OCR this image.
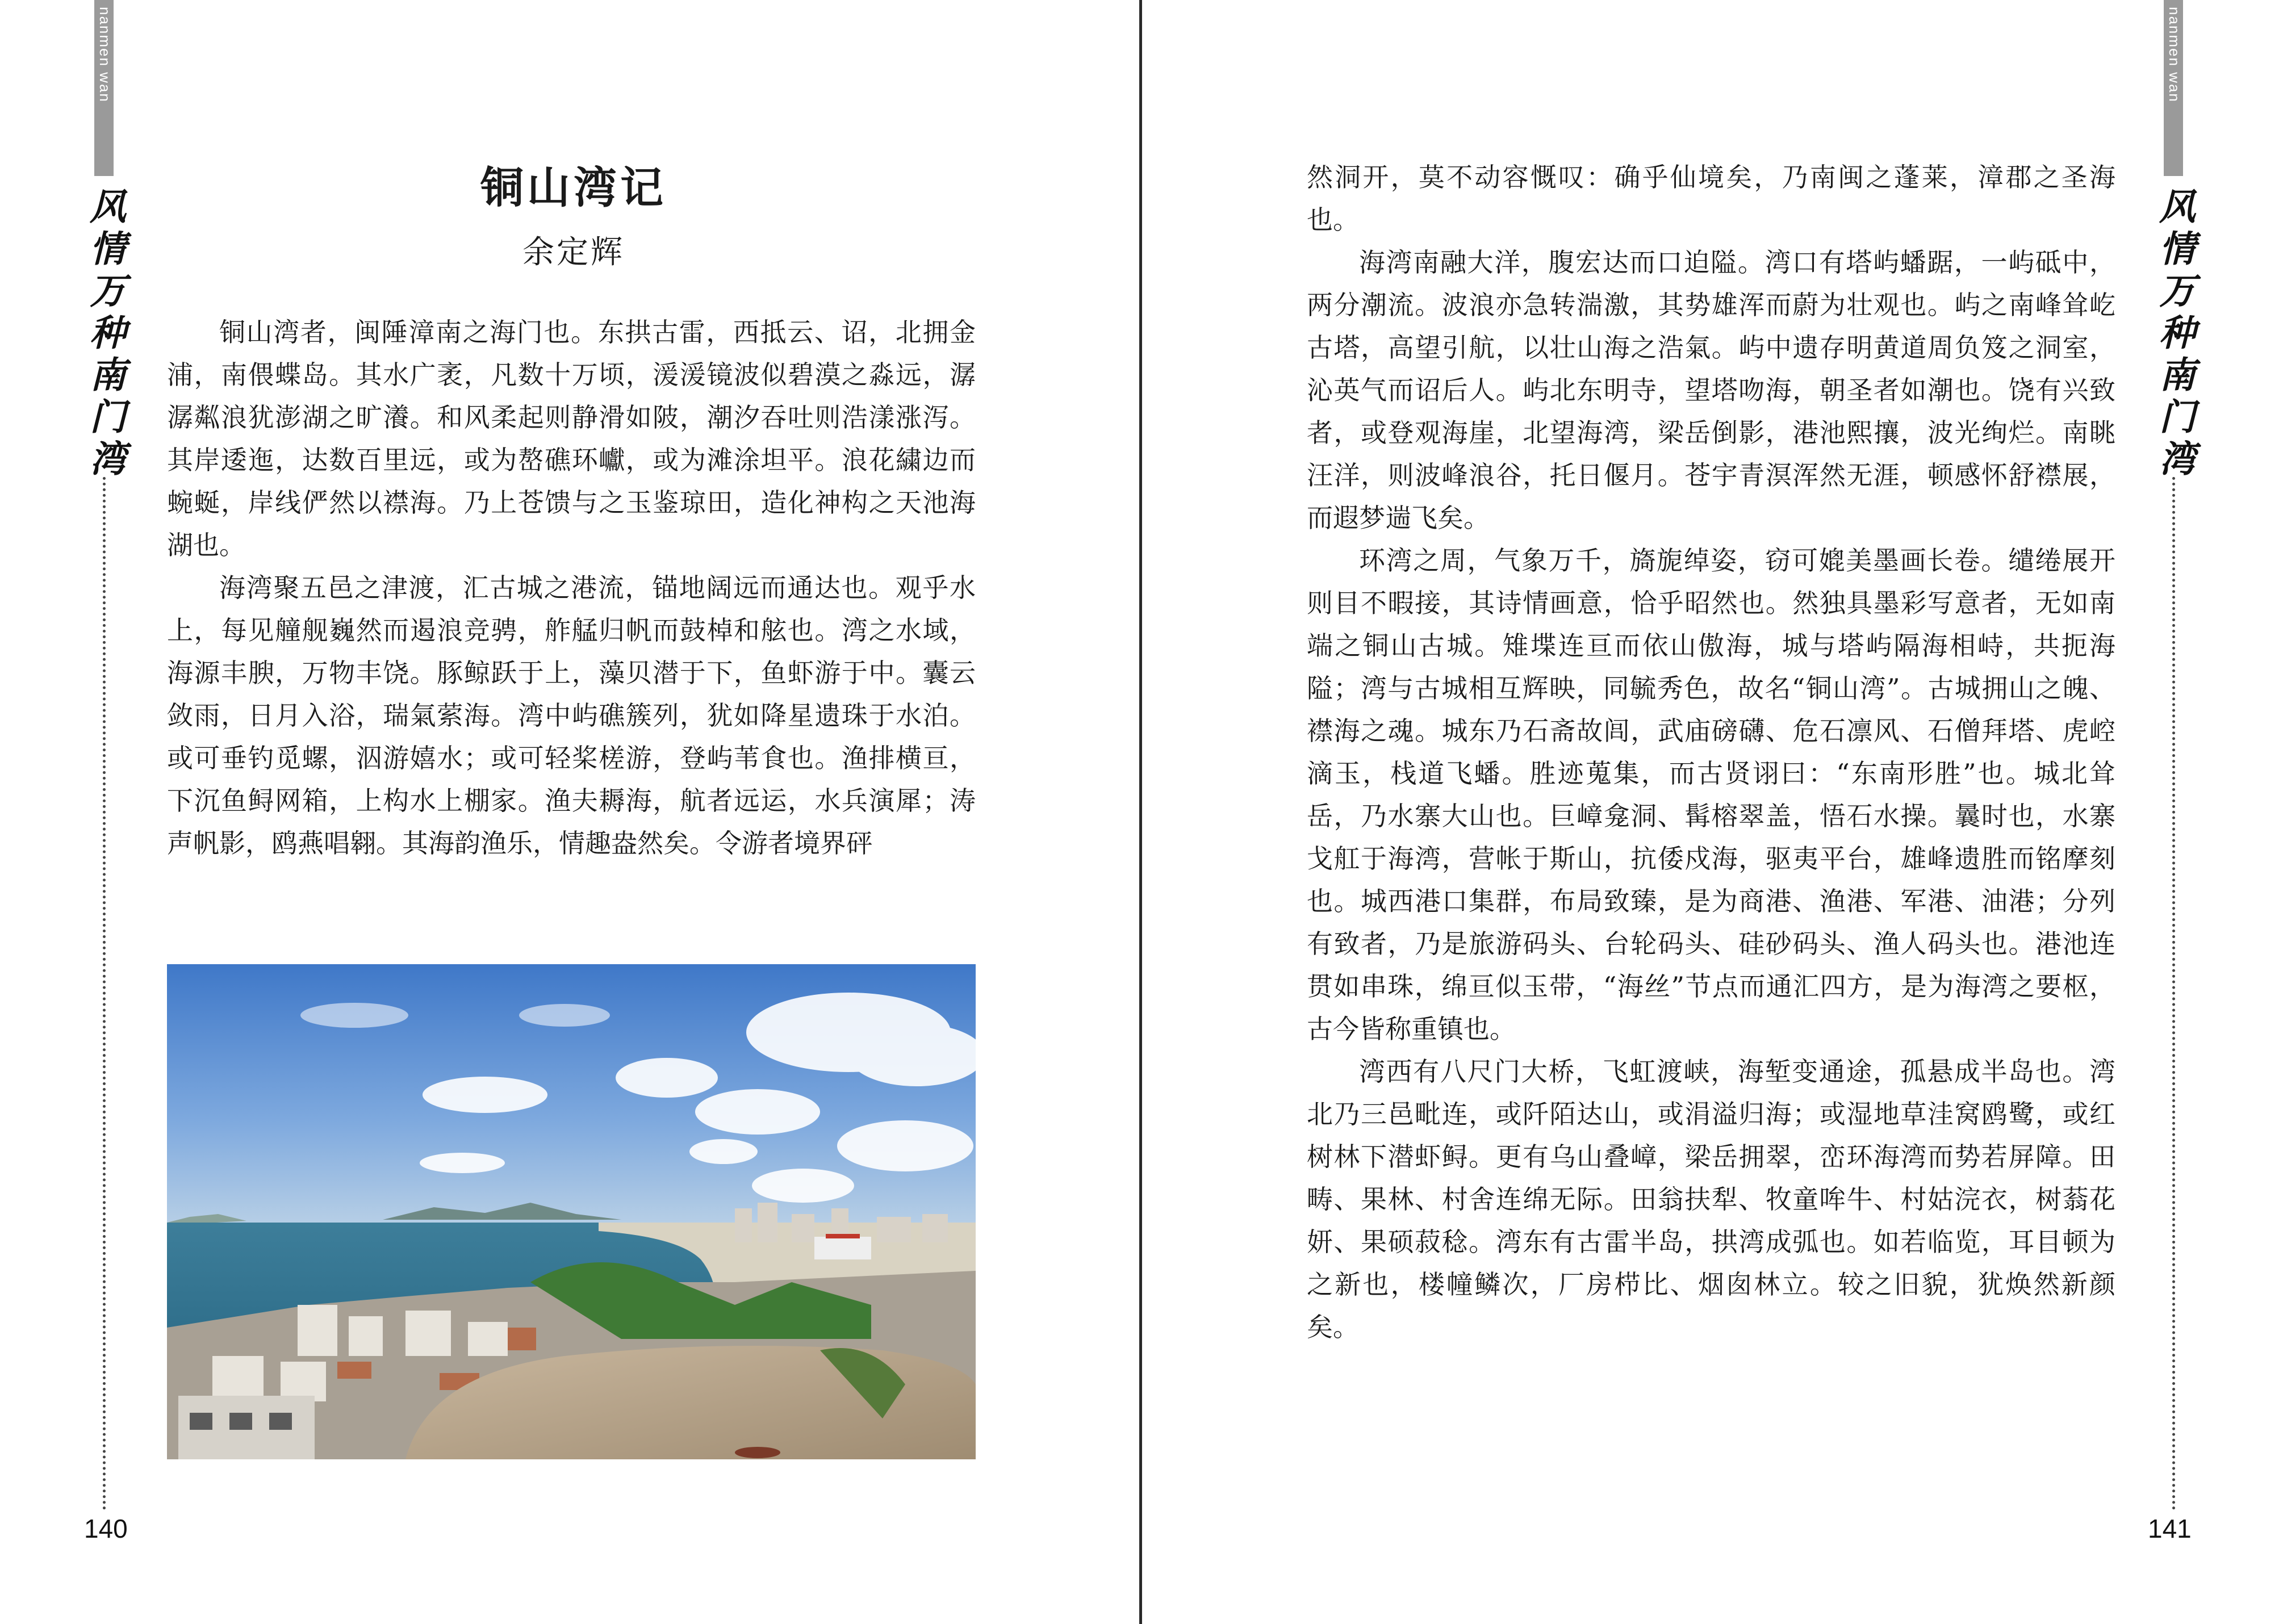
nanmen wan
风情万种南门湾
140
铜山湾记
余定辉

铜山湾者，闽陲漳南之海门也。东拱古雷，西抵云、诏，北拥金浦，南偎蝶岛。其水广袤，凡数十万顷，湲湲镜波似碧漠之淼远，潺潺粼浪犹澎湖之旷瀁。和风柔起则静滑如陂，潮汐吞吐则浩漾涨泻。其岸逶迤，达数百里远，或为嶅礁环巘，或为滩涂坦平。浪花繍边而蜿蜒，岸线俨然以襟海。乃上苍馈与之玉鉴琼田，造化神构之天池海湖也。

海湾聚五邑之津渡，汇古城之港流，锚地阔远而通达也。观乎水上，每见艟舰巍然而遏浪竞骋，舴艋归帆而鼓棹和舷也。湾之水域，海源丰腴，万物丰饶。豚鲸跃于上，藻贝潜于下，鱼虾游于中。囊云敛雨，日月入浴，瑞氣萦海。湾中屿礁簇列，犹如降星遗珠于水泊。或可垂钓觅螺，泅游嬉水；或可轻桨槎游，登屿苇食也。渔排横亘，下沉鱼鲟网箱，上构水上棚家。渔夫耨海，航者远运，水兵演犀；涛声帆影，鸥燕唱翱。其海韵渔乐，情趣盎然矣。令游者境界砰

nanmen wan
风情万种南门湾
141

然洞开，莫不动容慨叹：确乎仙境矣，乃南闽之蓬莱，漳郡之圣海也。

海湾南融大洋，腹宏达而口迫隘。湾口有塔屿蟠踞，一屿砥中，两分潮流。波浪亦急转湍激，其势雄浑而蔚为壮观也。屿之南峰耸屹古塔，高望引航，以壮山海之浩氣。屿中遗存明黄道周负笈之洞室，沁英气而诏后人。屿北东明寺，望塔吻海，朝圣者如潮也。饶有兴致者，或登观海崖，北望海湾，梁岳倒影，港池熙攘，波光绚烂。南眺汪洋，则波峰浪谷，托日偃月。苍宇青溟浑然无涯，顿感怀舒襟展，而遐梦遄飞矣。

环湾之周，气象万千，旖旎绰姿，窃可媲美墨画长卷。缱绻展开则目不暇接，其诗情画意，恰乎昭然也。然独具墨彩写意者，无如南端之铜山古城。雉堞连亘而依山傲海，城与塔屿隔海相峙，共扼海隘；湾与古城相互辉映，同毓秀色，故名“铜山湾”。古城拥山之魄、襟海之魂。城东乃石斋故闾，武庙磅礴、危石凛风、石僧拜塔、虎崆滴玉，栈道飞蟠。胜迹蒐集，而古贤诩曰：“东南形胜”也。城北耸岳，乃水寨大山也。巨嶂龛洞、髯榕翠盖，悟石水操。曩时也，水寨戈舡于海湾，营帐于斯山，抗倭戍海，驱夷平台，雄峰遗胜而铭摩刻也。城西港口集群，布局致臻，是为商港、渔港、军港、油港；分列有致者，乃是旅游码头、台轮码头、硅砂码头、渔人码头也。港池连贯如串珠，绵亘似玉带，“海丝”节点而通汇四方，是为海湾之要枢，古今皆称重镇也。

湾西有八尺门大桥，飞虹渡峡，海堑变通途，孤悬成半岛也。湾北乃三邑毗连，或阡陌达山，或涓溢归海；或湿地草洼窝鸥鹭，或红树林下潜虾鲟。更有乌山叠嶂，梁岳拥翠，峦环海湾而势若屏障。田畴、果林、村舍连绵无际。田翁扶犁、牧童哞牛、村姑浣衣，树蓊花妍、果硕菽稔。湾东有古雷半岛，拱湾成弧也。如若临览，耳目顿为之新也，楼幢鳞次，厂房栉比、烟囱林立。较之旧貌，犹焕然新颜矣。
